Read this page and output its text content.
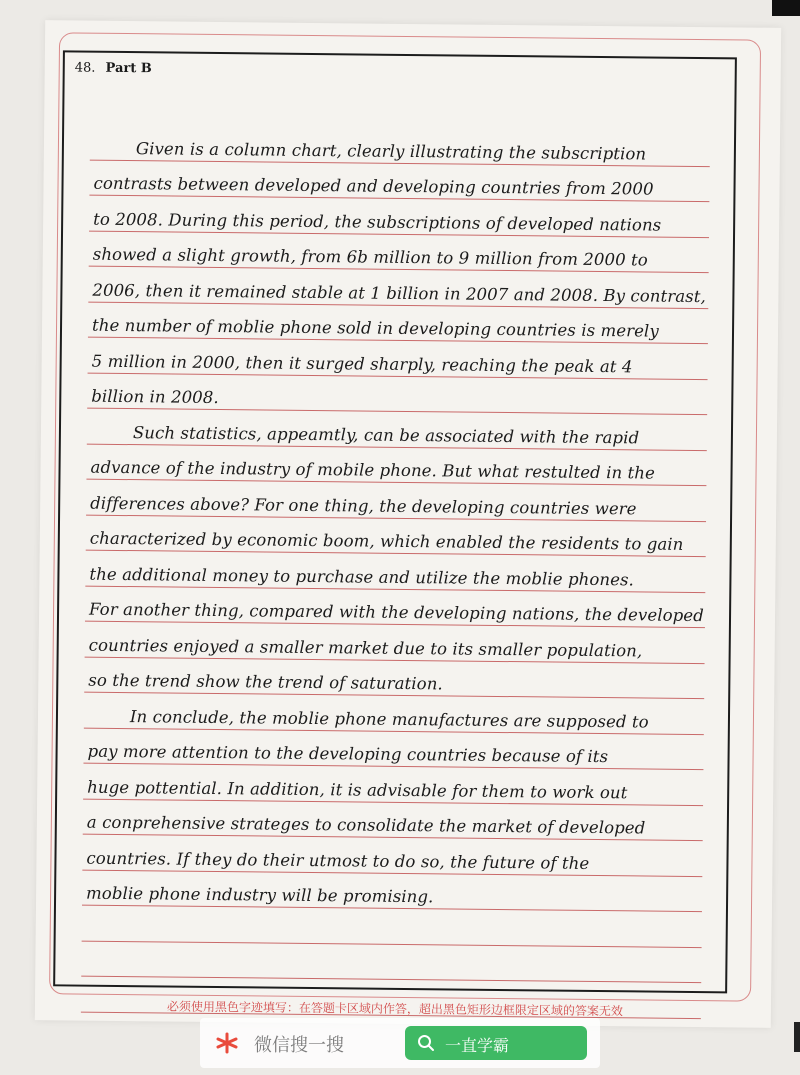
48. Part B
Given is a column chart, clearly illustrating the subscription
contrasts between developed and developing countries from 2000
to 2008. During this period, the subscriptions of developed nations
showed a slight growth, from 6b million to 9 million from 2000 to
2006, then it remained stable at 1 billion in 2007 and 2008. By contrast,
the number of moblie phone sold in developing countries is merely
5 million in 2000, then it surged sharply, reaching the peak at 4
billion in 2008.
Such statistics, appeamtly, can be associated with the rapid
advance of the industry of mobile phone. But what restulted in the
differences above? For one thing, the developing countries were
characterized by economic boom, which enabled the residents to gain
the additional money to purchase and utilize the moblie phones.
For another thing, compared with the developing nations, the developed
countries enjoyed a smaller market due to its smaller population,
so the trend show the trend of saturation.
In conclude, the moblie phone manufactures are supposed to
pay more attention to the developing countries because of its
huge pottential. In addition, it is advisable for them to work out
a conprehensive strateges to consolidate the market of developed
countries. If they do their utmost to do so, the future of the
moblie phone industry will be promising.
必须使用黑色字迹填写：在答题卡区域内作答，超出黑色矩形边框限定区域的答案无效
微信搜一搜	一直学霸
